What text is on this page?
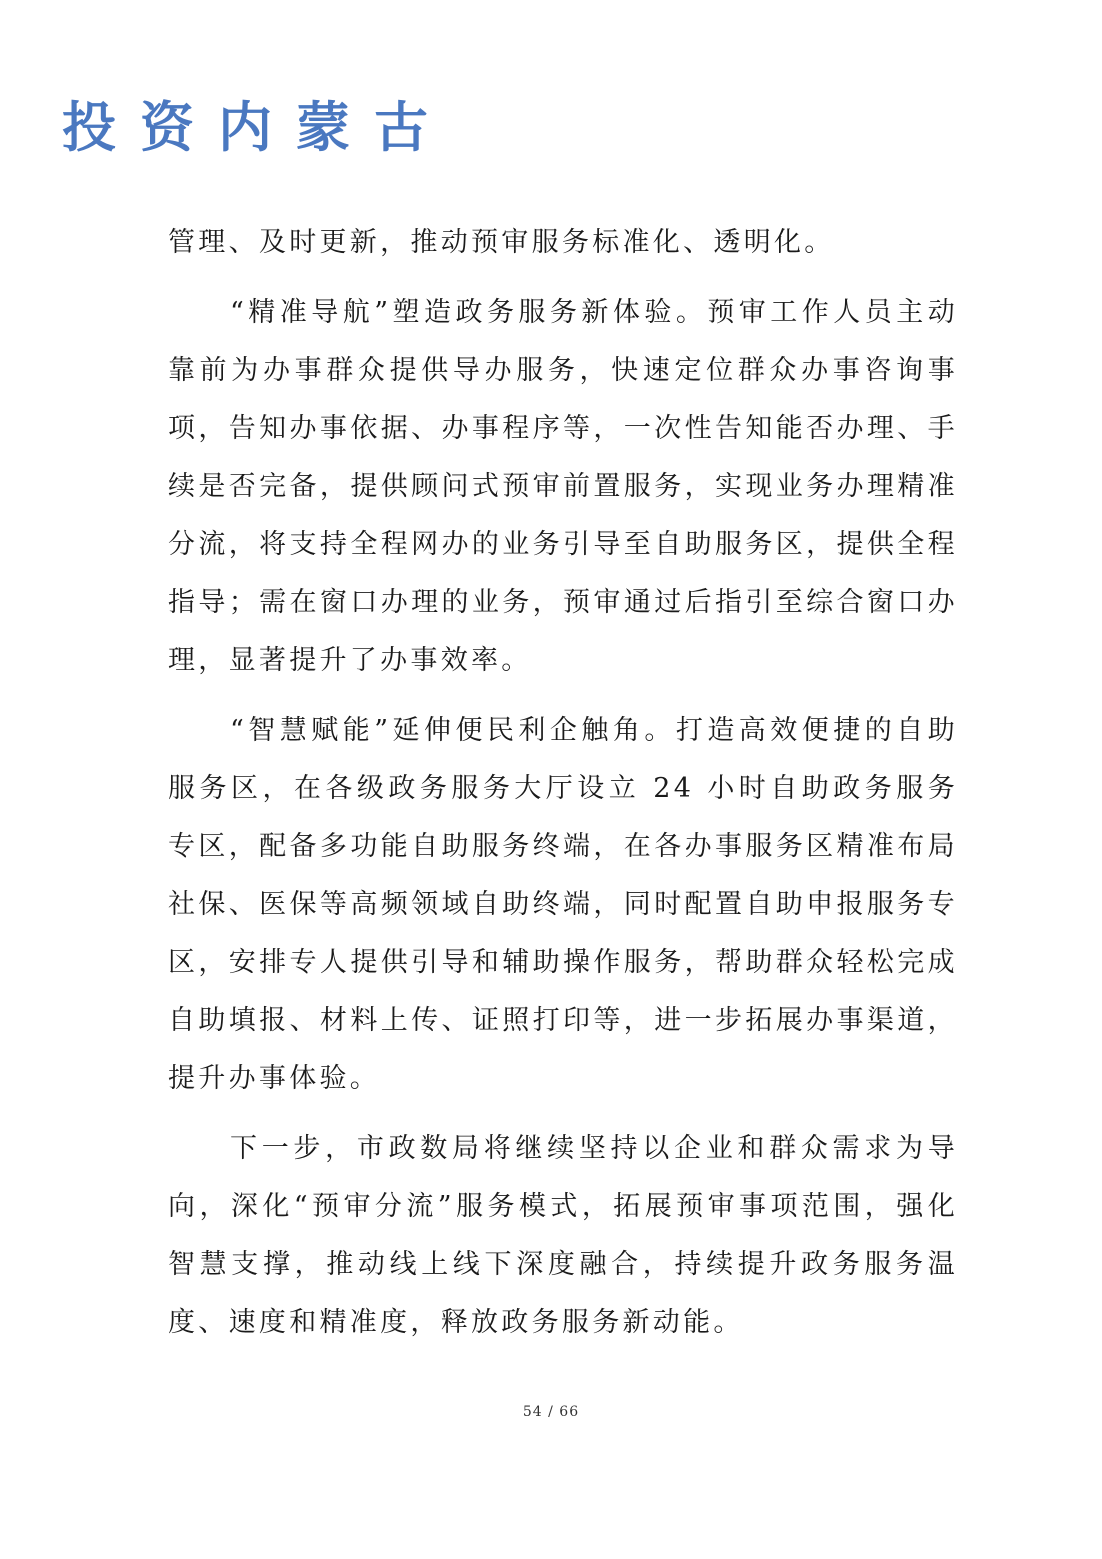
投资内蒙古

管理、及时更新，推动预审服务标准化、透明化。

“精准导航”塑造政务服务新体验。预审工作人员主动靠前为办事群众提供导办服务，快速定位群众办事咨询事项，告知办事依据、办事程序等，一次性告知能否办理、手续是否完备，提供顾问式预审前置服务，实现业务办理精准分流，将支持全程网办的业务引导至自助服务区，提供全程指导；需在窗口办理的业务，预审通过后指引至综合窗口办理，显著提升了办事效率。

“智慧赋能”延伸便民利企触角。打造高效便捷的自助服务区，在各级政务服务大厅设立 24 小时自助政务服务专区，配备多功能自助服务终端，在各办事服务区精准布局社保、医保等高频领域自助终端，同时配置自助申报服务专区，安排专人提供引导和辅助操作服务，帮助群众轻松完成自助填报、材料上传、证照打印等，进一步拓展办事渠道，提升办事体验。

下一步，市政数局将继续坚持以企业和群众需求为导向，深化“预审分流”服务模式，拓展预审事项范围，强化智慧支撑，推动线上线下深度融合，持续提升政务服务温度、速度和精准度，释放政务服务新动能。

54 / 66
